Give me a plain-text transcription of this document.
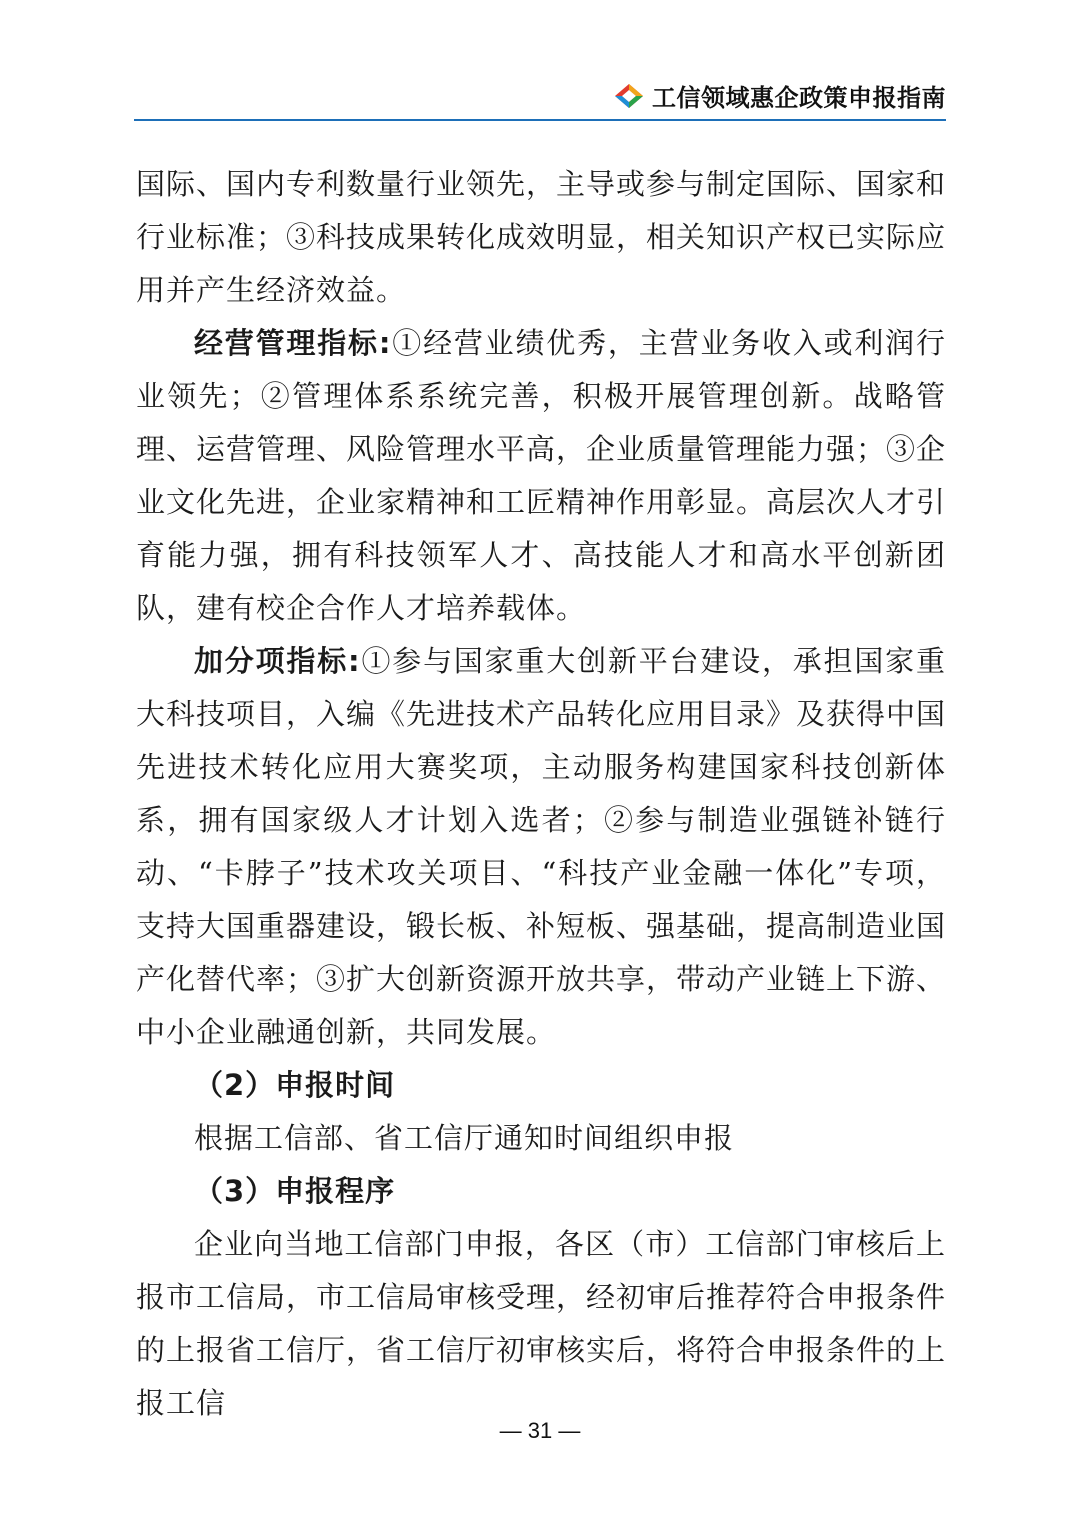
工信领域惠企政策申报指南

国际、国内专利数量行业领先，主导或参与制定国际、国家和行业标准；③科技成果转化成效明显，相关知识产权已实际应用并产生经济效益。

经营管理指标:①经营业绩优秀，主营业务收入或利润行业领先；②管理体系系统完善，积极开展管理创新。战略管理、运营管理、风险管理水平高，企业质量管理能力强；③企业文化先进，企业家精神和工匠精神作用彰显。高层次人才引育能力强，拥有科技领军人才、高技能人才和高水平创新团队，建有校企合作人才培养载体。

加分项指标:①参与国家重大创新平台建设，承担国家重大科技项目，入编《先进技术产品转化应用目录》及获得中国先进技术转化应用大赛奖项，主动服务构建国家科技创新体系，拥有国家级人才计划入选者；②参与制造业强链补链行动、“卡脖子”技术攻关项目、“科技产业金融一体化”专项，支持大国重器建设，锻长板、补短板、强基础，提高制造业国产化替代率；③扩大创新资源开放共享，带动产业链上下游、中小企业融通创新，共同发展。

（2）申报时间

根据工信部、省工信厅通知时间组织申报

（3）申报程序

企业向当地工信部门申报，各区（市）工信部门审核后上报市工信局，市工信局审核受理，经初审后推荐符合申报条件的上报省工信厅，省工信厅初审核实后，将符合申报条件的上报工信

— 31 —
